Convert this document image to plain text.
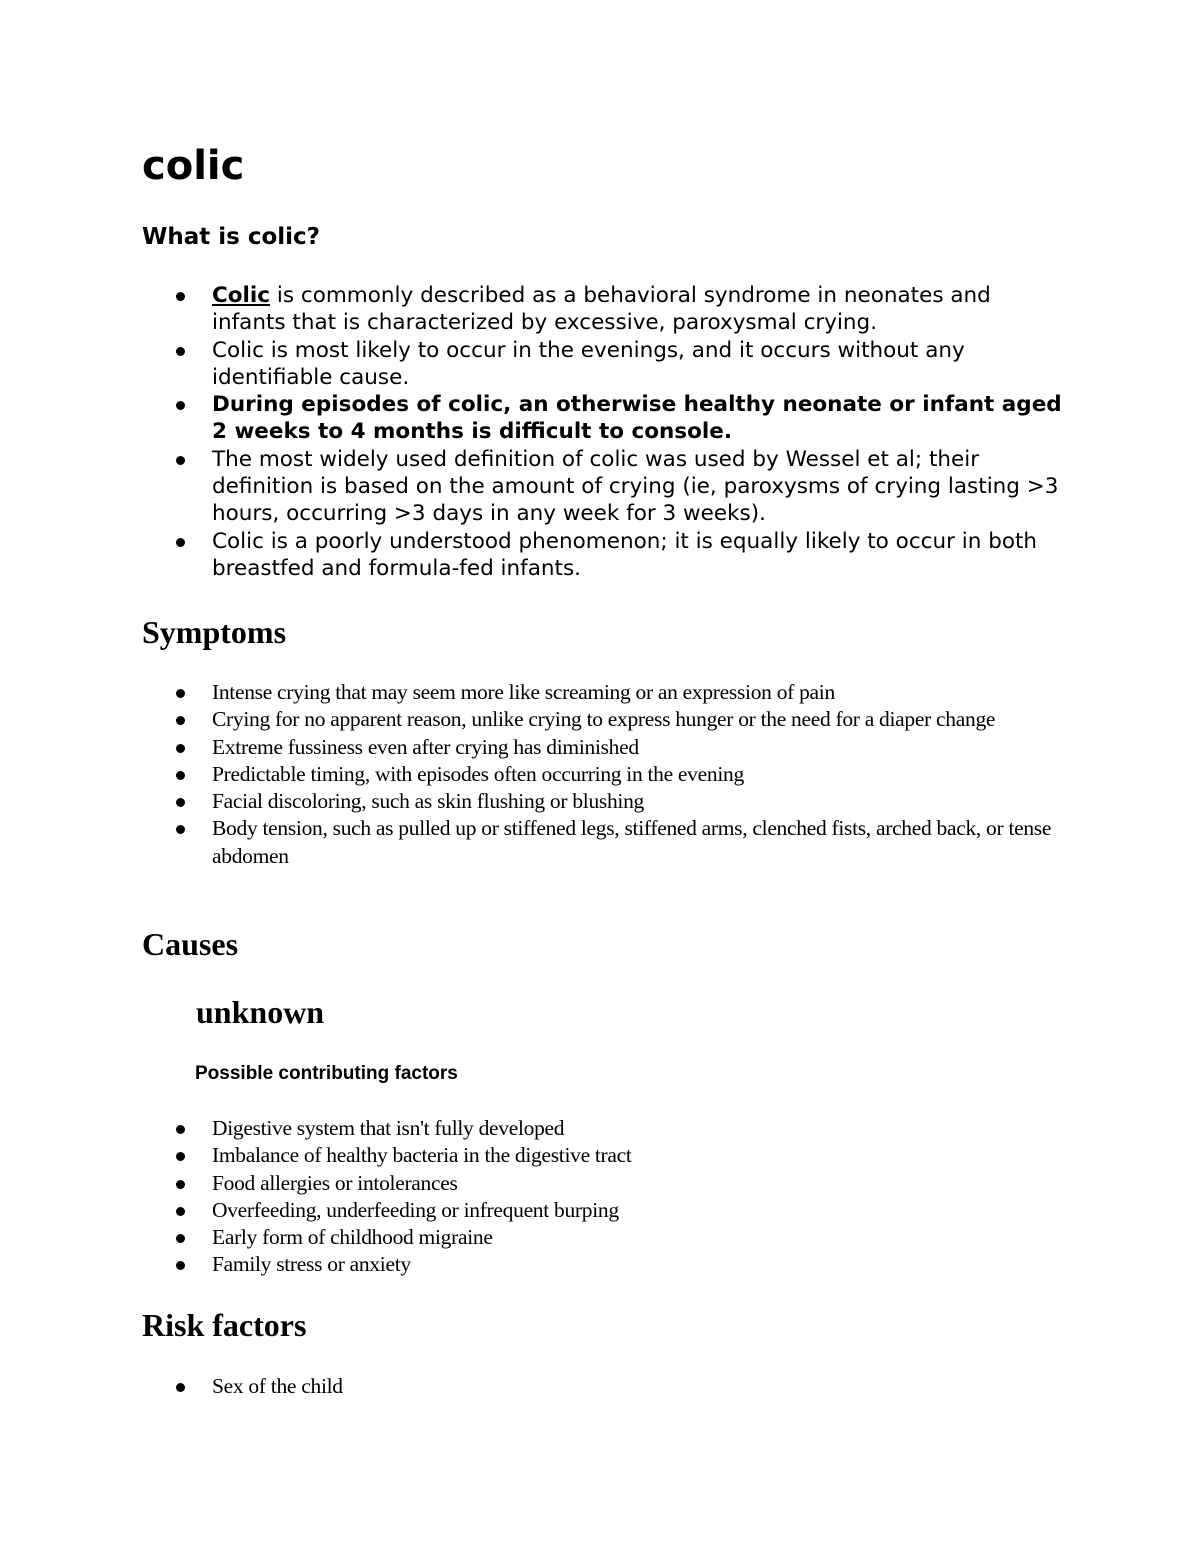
colic
What is colic?
Colic is commonly described as a behavioral syndrome in neonates and infants that is characterized by excessive, paroxysmal crying.
Colic is most likely to occur in the evenings, and it occurs without any identifiable cause.
During episodes of colic, an otherwise healthy neonate or infant aged 2 weeks to 4 months is difficult to console.
The most widely used definition of colic was used by Wessel et al; their definition is based on the amount of crying (ie, paroxysms of crying lasting >3 hours, occurring >3 days in any week for 3 weeks).
Colic is a poorly understood phenomenon; it is equally likely to occur in both breastfed and formula-fed infants.
Symptoms
Intense crying that may seem more like screaming or an expression of pain
Crying for no apparent reason, unlike crying to express hunger or the need for a diaper change
Extreme fussiness even after crying has diminished
Predictable timing, with episodes often occurring in the evening
Facial discoloring, such as skin flushing or blushing
Body tension, such as pulled up or stiffened legs, stiffened arms, clenched fists, arched back, or tense abdomen
Causes
unknown
Possible contributing factors
Digestive system that isn't fully developed
Imbalance of healthy bacteria in the digestive tract
Food allergies or intolerances
Overfeeding, underfeeding or infrequent burping
Early form of childhood migraine
Family stress or anxiety
Risk factors
Sex of the child
